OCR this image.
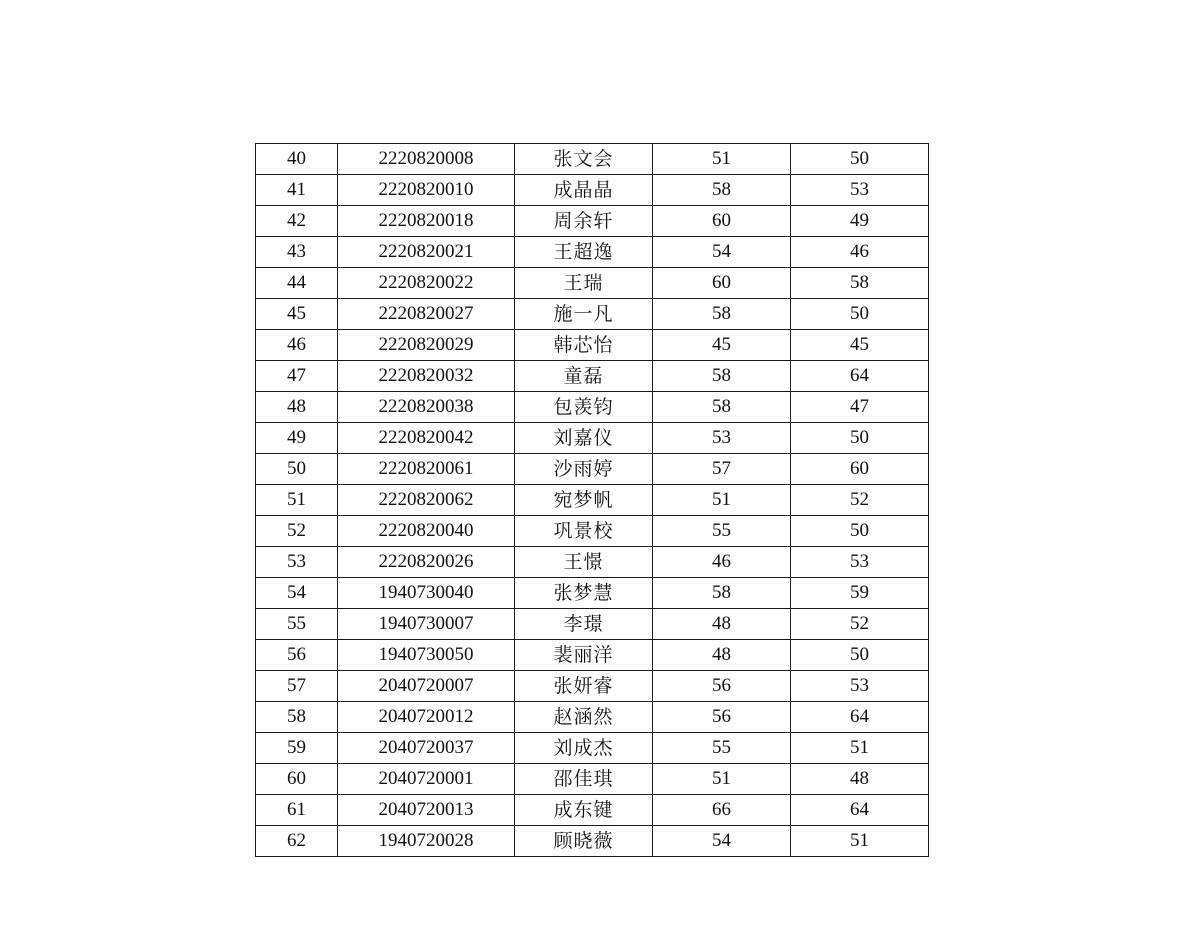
40	2220820008	张文会	51	50
41	2220820010	成晶晶	58	53
42	2220820018	周余轩	60	49
43	2220820021	王超逸	54	46
44	2220820022	王瑞	60	58
45	2220820027	施一凡	58	50
46	2220820029	韩芯怡	45	45
47	2220820032	童磊	58	64
48	2220820038	包羡钧	58	47
49	2220820042	刘嘉仪	53	50
50	2220820061	沙雨婷	57	60
51	2220820062	宛梦帆	51	52
52	2220820040	巩景校	55	50
53	2220820026	王憬	46	53
54	1940730040	张梦慧	58	59
55	1940730007	李璟	48	52
56	1940730050	裴丽洋	48	50
57	2040720007	张妍睿	56	53
58	2040720012	赵涵然	56	64
59	2040720037	刘成杰	55	51
60	2040720001	邵佳琪	51	48
61	2040720013	成东键	66	64
62	1940720028	顾晓薇	54	51
